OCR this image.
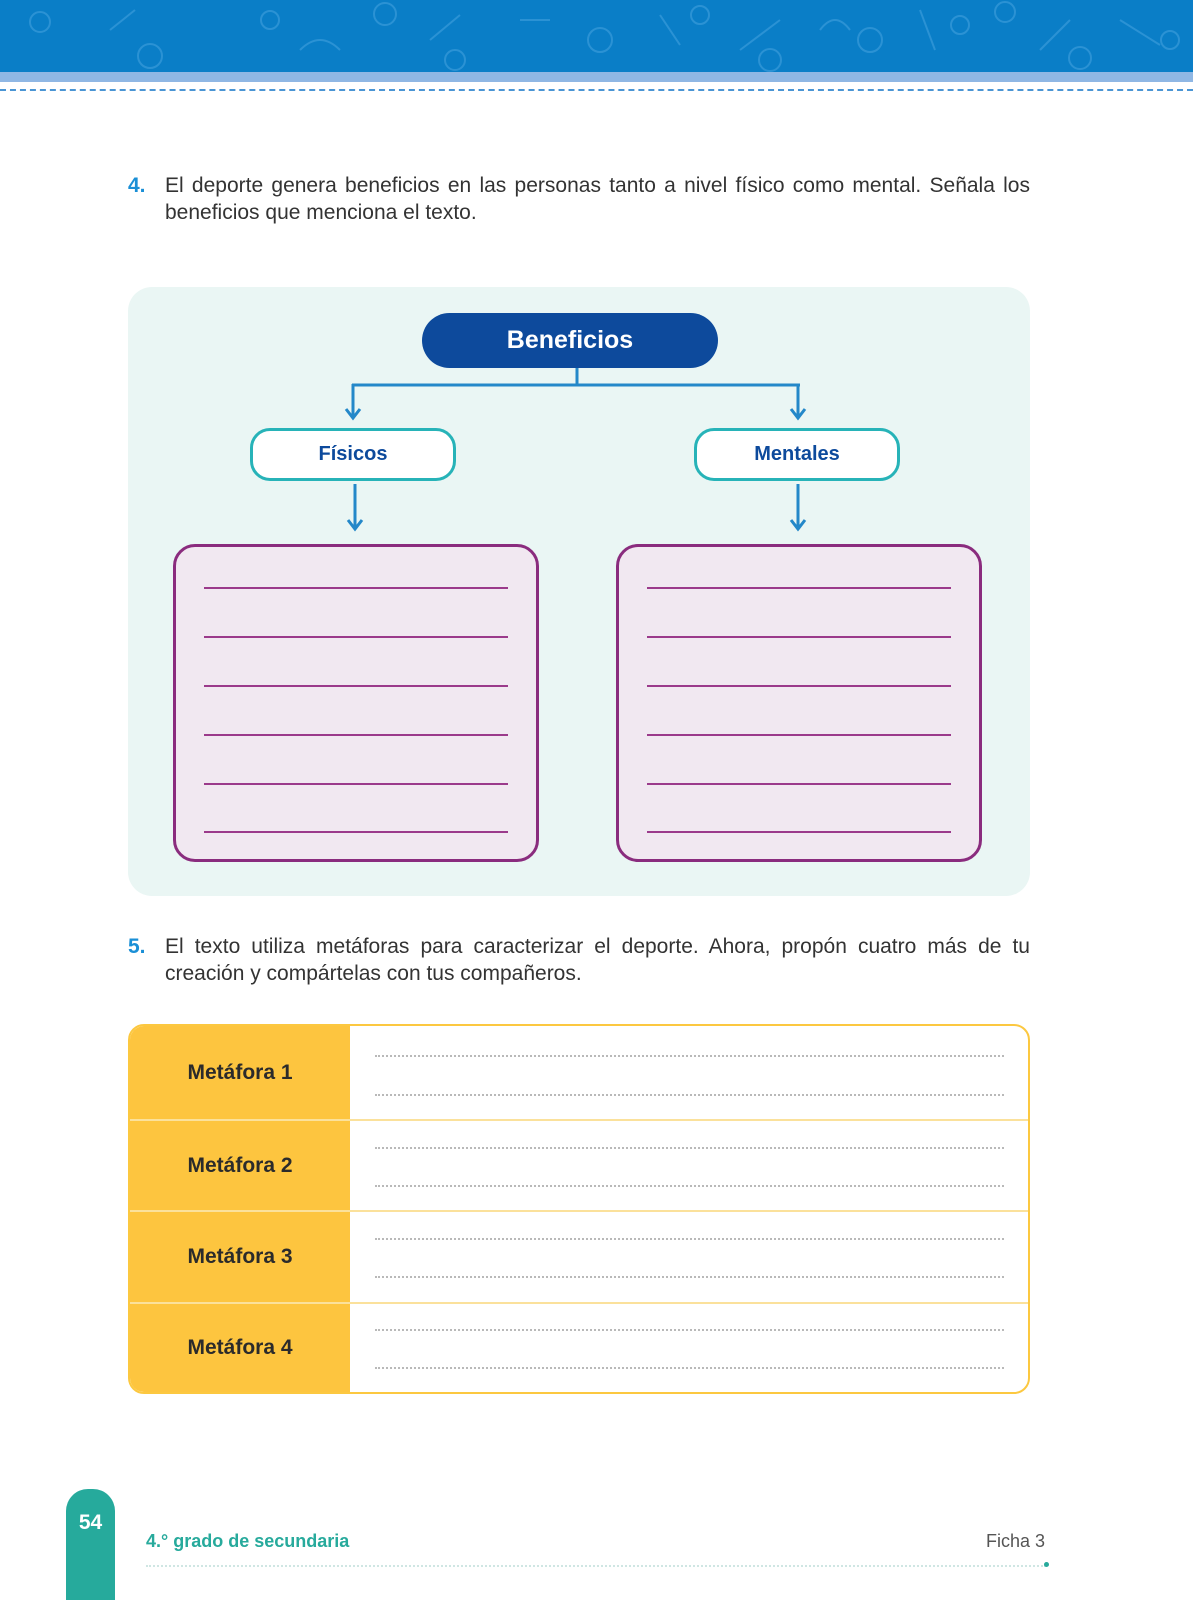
4. El deporte genera beneficios en las personas tanto a nivel físico como mental. Señala los beneficios que menciona el texto.
Beneficios
Físicos	Mentales
5. El texto utiliza metáforas para caracterizar el deporte. Ahora, propón cuatro más de tu creación y compártelas con tus compañeros.
Metáfora 1
Metáfora 2
Metáfora 3
Metáfora 4
54
4.° grado de secundaria	Ficha 3
